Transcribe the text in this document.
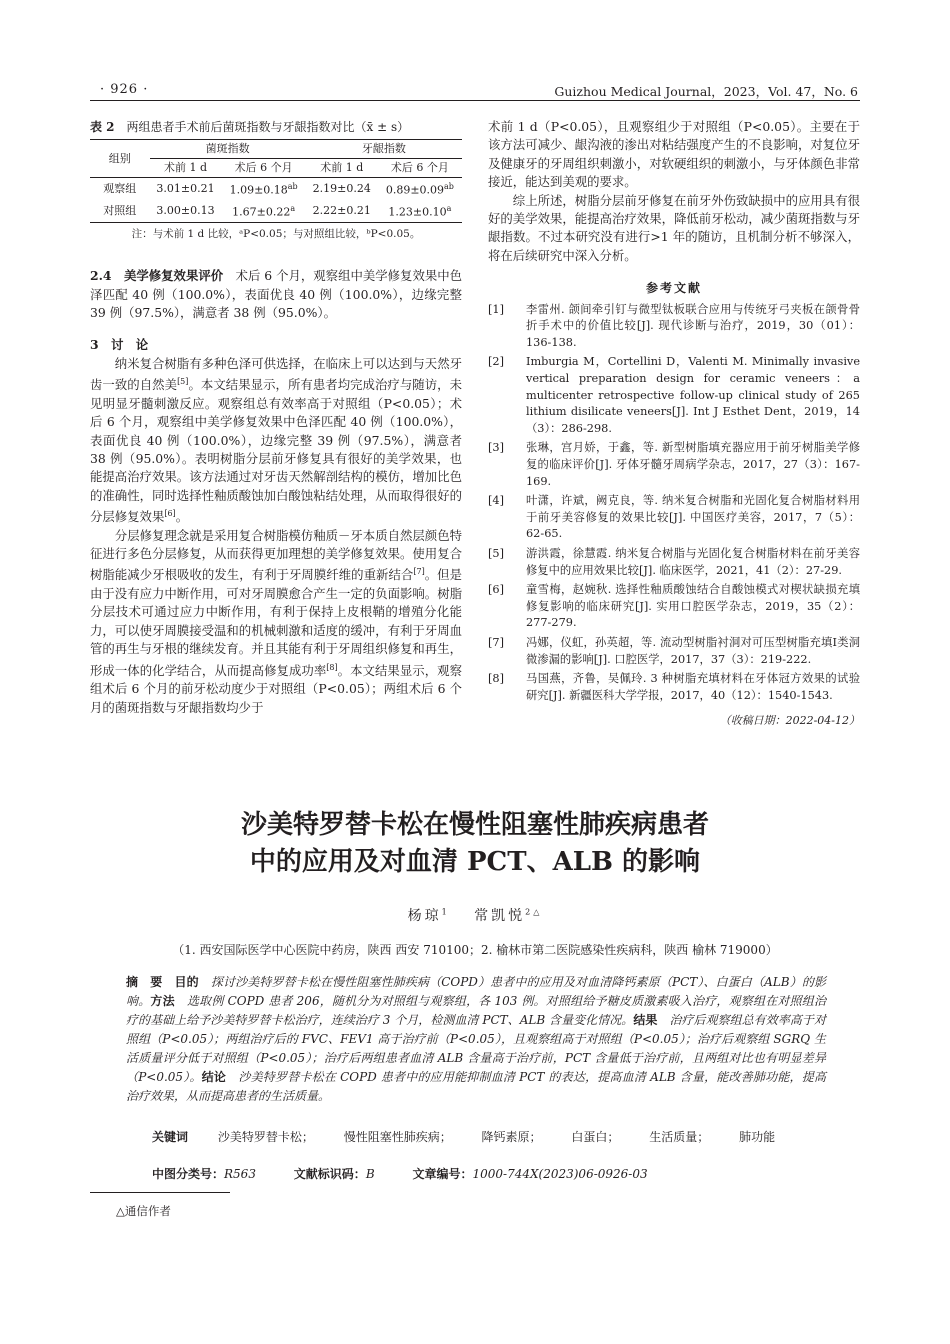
· 926 ·	Guizhou Medical Journal，2023，Vol. 47，No. 6
表 2　 两组患者手术前后菌斑指数与牙龈指数对比（x̄ ± s）
组别	菌斑指数		牙龈指数	
	术前 1 d	术后 6 个月	术前 1 d	术后 6 个月
观察组	3.01±0.21	1.09±0.18$^{ab}$	2.19±0.24	0.89±0.09$^{ab}$
对照组	3.00±0.13	1.67±0.22$^a$	2.22±0.21	1.23±0.10$^a$
注：与术前 1 d 比较，ᵃP<0.05；与对照组比较，ᵇP<0.05。

2.4　 美学修复效果评价　 术后 6 个月，观察组中美学修复效果中色泽匹配 40 例（100.0%），表面优良 40 例（100.0%），边缘完整 39 例（97.5%），满意者 38 例（95.0%）。

3　讨　论

纳米复合树脂有多种色泽可供选择，在临床上可以达到与天然牙齿一致的自然美[5]。本文结果显示，所有患者均完成治疗与随访，未见明显牙髓刺激反应。观察组总有效率高于对照组（P<0.05）；术后 6 个月，观察组中美学修复效果中色泽匹配 40 例（100.0%），表面优良 40 例（100.0%），边缘完整 39 例（97.5%），满意者 38 例（95.0%）。表明树脂分层前牙修复具有很好的美学效果，也能提高治疗效果。该方法通过对牙齿天然解剖结构的模仿，增加比色的准确性，同时选择性釉质酸蚀加白酸蚀粘结处理，从而取得很好的分层修复效果[6]。

分层修复理念就是采用复合树脂模仿釉质－牙本质自然层颜色特征进行多色分层修复，从而获得更加理想的美学修复效果。使用复合树脂能减少牙根吸收的发生，有利于牙周膜纤维的重新结合[7]。但是由于没有应力中断作用，可对牙周膜愈合产生一定的负面影响。树脂分层技术可通过应力中断作用，有利于保持上皮根鞘的增殖分化能力，可以使牙周膜接受温和的机械刺激和适度的缓冲，有利于牙周血管的再生与牙根的继续发育。并且其能有利于牙周组织修复和再生，形成一体的化学结合，从而提高修复成功率[8]。本文结果显示，观察组术后 6 个月的前牙松动度少于对照组（P<0.05）；两组术后 6 个月的菌斑指数与牙龈指数均少于

术前 1 d（P<0.05），且观察组少于对照组（P<0.05）。主要在于该方法可减少、龈沟液的渗出对粘结强度产生的不良影响，对复位牙及健康牙的牙周组织刺激小，对软硬组织的刺激小，与牙体颜色非常接近，能达到美观的要求。

综上所述，树脂分层前牙修复在前牙外伤致缺损中的应用具有很好的美学效果，能提高治疗效果，降低前牙松动，减少菌斑指数与牙龈指数。不过本研究没有进行>1 年的随访，且机制分析不够深入，将在后续研究中深入分析。

参考文献
[1]	李雷州. 颌间牵引钉与微型钛板联合应用与传统牙弓夹板在颌骨骨折手术中的价值比较[J]. 现代诊断与治疗，2019，30（01）：136-138.
[2]	Imburgia M，Cortellini D，Valenti M. Minimally invasive vertical preparation design for ceramic veneers：a multicenter retrospective follow-up clinical study of 265 lithium disilicate veneers[J]. Int J Esthet Dent，2019，14（3）：286-298.
[3]	张琳，宫月娇，于鑫，等. 新型树脂填充器应用于前牙树脂美学修复的临床评价[J]. 牙体牙髓牙周病学杂志，2017，27（3）：167-169.
[4]	叶潇，许斌，阙克良，等. 纳米复合树脂和光固化复合树脂材料用于前牙美容修复的效果比较[J]. 中国医疗美容，2017，7（5）：62-65.
[5]	游洪霞，徐慧霞. 纳米复合树脂与光固化复合树脂材料在前牙美容修复中的应用效果比较[J]. 临床医学，2021，41（2）：27-29.
[6]	童雪梅，赵婉秋. 选择性釉质酸蚀结合自酸蚀模式对楔状缺损充填修复影响的临床研究[J]. 实用口腔医学杂志，2019，35（2）：277-279.
[7]	冯娜，仪虹，孙英超，等. 流动型树脂衬洞对可压型树脂充填Ⅰ类洞微渗漏的影响[J]. 口腔医学，2017，37（3）：219-222.
[8]	马国燕，齐鲁，吴佩玲. 3 种树脂充填材料在牙体冠方效果的试验研究[J]. 新疆医科大学学报，2017，40（12）：1540-1543.
（收稿日期：2022-04-12）
沙美特罗替卡松在慢性阻塞性肺疾病患者
中的应用及对血清 PCT、ALB 的影响
杨琼$^1$ 　 常凯悦$^{2\triangle}$
（1. 西安国际医学中心医院中药房，陕西 西安 710100；2. 榆林市第二医院感染性疾病科，陕西 榆林 719000）
摘　要　 目的　 探讨沙美特罗替卡松在慢性阻塞性肺疾病（COPD）患者中的应用及对血清降钙素原（PCT）、白蛋白（ALB）的影响。方法　 选取例 COPD 患者 206，随机分为对照组与观察组，各 103 例。对照组给予糖皮质激素吸入治疗，观察组在对照组治疗的基础上给予沙美特罗替卡松治疗，连续治疗 3 个月，检测血清 PCT、ALB 含量变化情况。结果　 治疗后观察组总有效率高于对照组（P<0.05）；两组治疗后的 FVC、FEV1 高于治疗前（P<0.05），且观察组高于对照组（P<0.05）；治疗后观察组 SGRQ 生活质量评分低于对照组（P<0.05）；治疗后两组患者血清 ALB 含量高于治疗前，PCT 含量低于治疗前，且两组对比也有明显差异（P<0.05）。结论　 沙美特罗替卡松在 COPD 患者中的应用能抑制血清 PCT 的表达，提高血清 ALB 含量，能改善肺功能，提高治疗效果，从而提高患者的生活质量。
关键词 沙美特罗替卡松； 慢性阻塞性肺疾病； 降钙素原； 白蛋白； 生活质量； 肺功能
中图分类号：R563	文献标识码：B	文章编号：1000-744X(2023)06-0926-03
△通信作者
